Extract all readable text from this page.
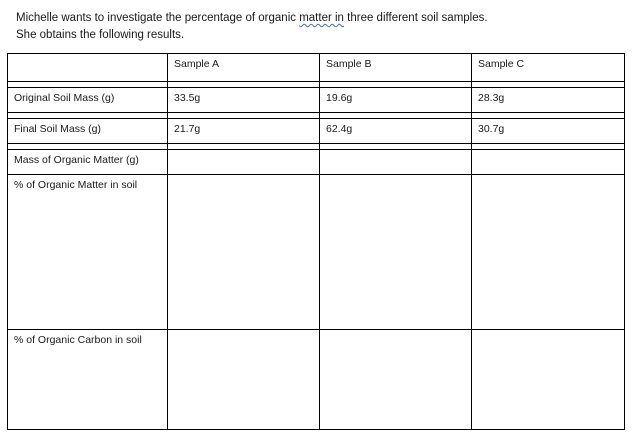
Michelle wants to investigate the percentage of organic matter in three different soil samples.
She obtains the following results.
	Sample A	Sample B	Sample C

Original Soil Mass (g)	33.5g	19.6g	28.3g

Final Soil Mass (g)	21.7g	62.4g	30.7g

Mass of Organic Matter (g)			
% of Organic Matter in soil			
% of Organic Carbon in soil			
